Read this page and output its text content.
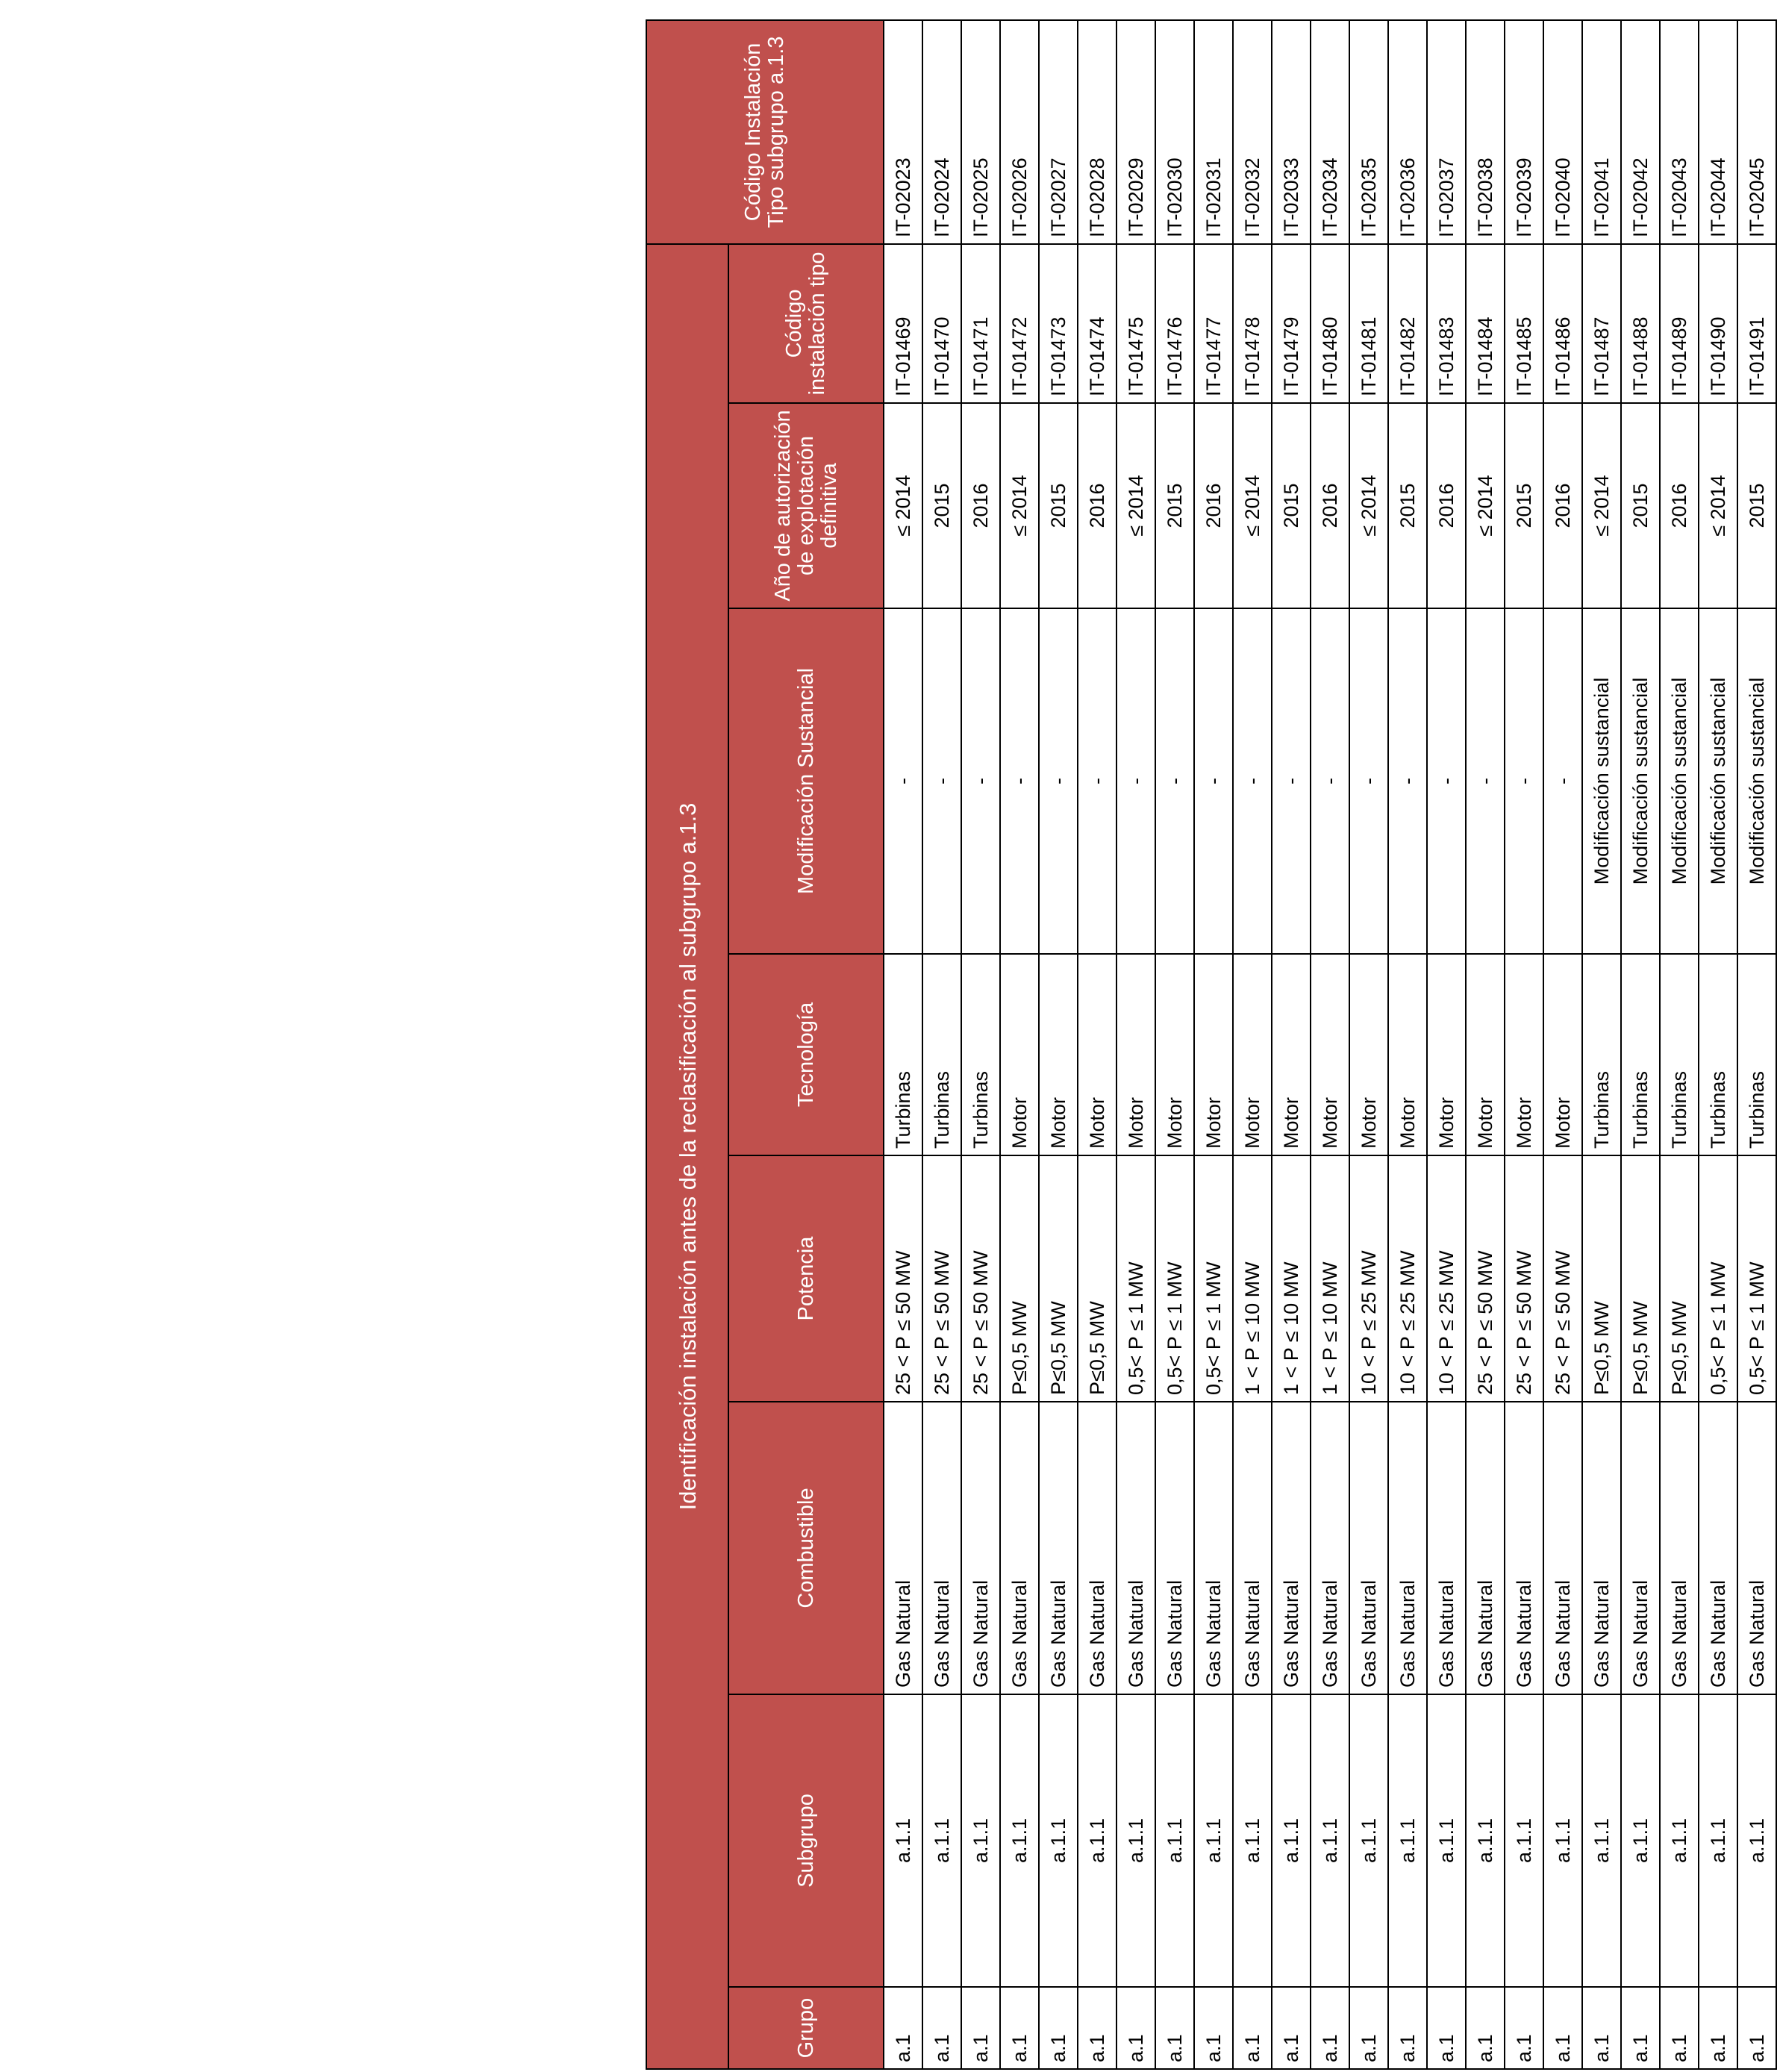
Identificación instalación antes de la reclasificación al subgrupo a.1.3								Código Instalación Tipo subgrupo a.1.3
Grupo	Subgrupo	Combustible	Potencia	Tecnología	Modificación Sustancial	Año de autorización de explotación definitiva	Código instalación tipo	
a.1	a.1.1	Gas Natural	25 < P ≤ 50 MW	Turbinas	-	≤ 2014	IT-01469	IT-02023
a.1	a.1.1	Gas Natural	25 < P ≤ 50 MW	Turbinas	-	2015	IT-01470	IT-02024
a.1	a.1.1	Gas Natural	25 < P ≤ 50 MW	Turbinas	-	2016	IT-01471	IT-02025
a.1	a.1.1	Gas Natural	P≤0,5 MW	Motor	-	≤ 2014	IT-01472	IT-02026
a.1	a.1.1	Gas Natural	P≤0,5 MW	Motor	-	2015	IT-01473	IT-02027
a.1	a.1.1	Gas Natural	P≤0,5 MW	Motor	-	2016	IT-01474	IT-02028
a.1	a.1.1	Gas Natural	0,5< P ≤ 1 MW	Motor	-	≤ 2014	IT-01475	IT-02029
a.1	a.1.1	Gas Natural	0,5< P ≤ 1 MW	Motor	-	2015	IT-01476	IT-02030
a.1	a.1.1	Gas Natural	0,5< P ≤ 1 MW	Motor	-	2016	IT-01477	IT-02031
a.1	a.1.1	Gas Natural	1 < P ≤ 10 MW	Motor	-	≤ 2014	IT-01478	IT-02032
a.1	a.1.1	Gas Natural	1 < P ≤ 10 MW	Motor	-	2015	IT-01479	IT-02033
a.1	a.1.1	Gas Natural	1 < P ≤ 10 MW	Motor	-	2016	IT-01480	IT-02034
a.1	a.1.1	Gas Natural	10 < P ≤ 25 MW	Motor	-	≤ 2014	IT-01481	IT-02035
a.1	a.1.1	Gas Natural	10 < P ≤ 25 MW	Motor	-	2015	IT-01482	IT-02036
a.1	a.1.1	Gas Natural	10 < P ≤ 25 MW	Motor	-	2016	IT-01483	IT-02037
a.1	a.1.1	Gas Natural	25 < P ≤ 50 MW	Motor	-	≤ 2014	IT-01484	IT-02038
a.1	a.1.1	Gas Natural	25 < P ≤ 50 MW	Motor	-	2015	IT-01485	IT-02039
a.1	a.1.1	Gas Natural	25 < P ≤ 50 MW	Motor	-	2016	IT-01486	IT-02040
a.1	a.1.1	Gas Natural	P≤0,5 MW	Turbinas	Modificación sustancial	≤ 2014	IT-01487	IT-02041
a.1	a.1.1	Gas Natural	P≤0,5 MW	Turbinas	Modificación sustancial	2015	IT-01488	IT-02042
a.1	a.1.1	Gas Natural	P≤0,5 MW	Turbinas	Modificación sustancial	2016	IT-01489	IT-02043
a.1	a.1.1	Gas Natural	0,5< P ≤ 1 MW	Turbinas	Modificación sustancial	≤ 2014	IT-01490	IT-02044
a.1	a.1.1	Gas Natural	0,5< P ≤ 1 MW	Turbinas	Modificación sustancial	2015	IT-01491	IT-02045
